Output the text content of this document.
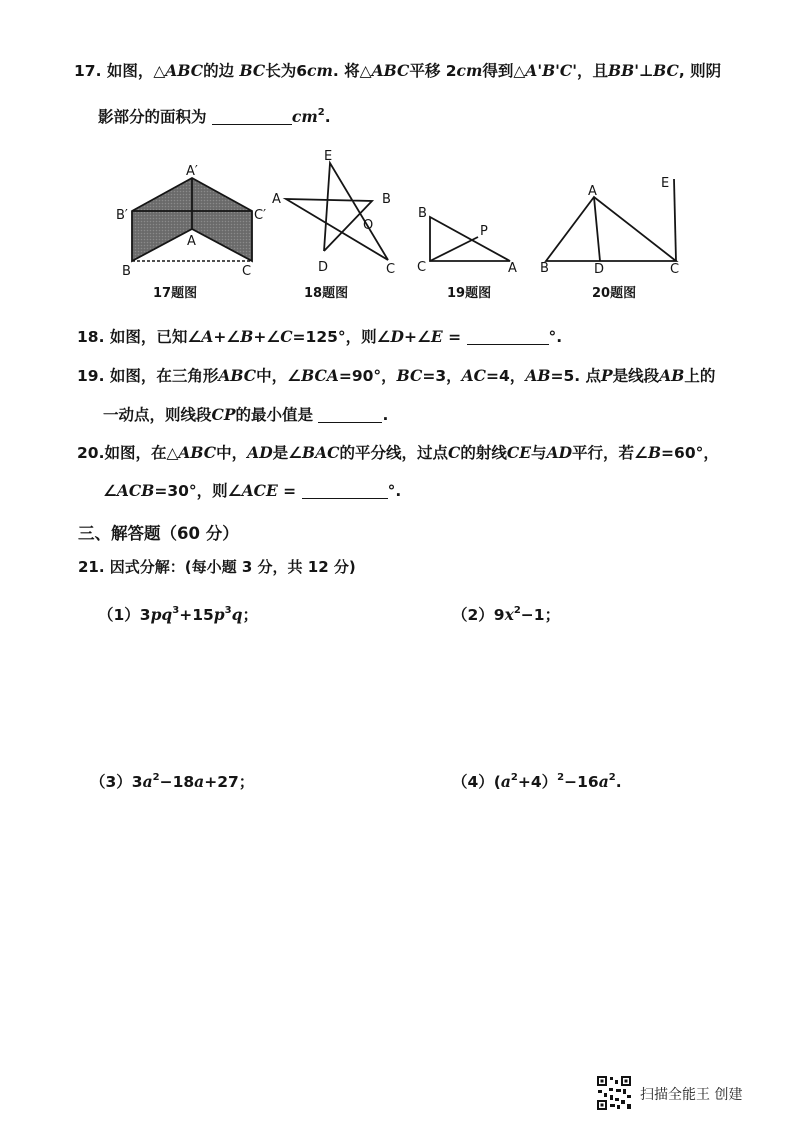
17. 如图，△ABC的边 BC长为6cm. 将△ABC平移 2cm得到△A'B'C'，且BB'⊥BC, 则阴
影部分的面积为	$cm^2$.
A′
B′	C′
A
B	C
E
A	B
O
D	C
B
P
C	A
A
E
B	D	C
17题图	18题图	19题图	20题图
18. 如图，已知∠A+∠B+∠C=125°，则∠D+∠E =	°.
19. 如图，在三角形ABC中，∠BCA=90°，BC=3，AC=4，AB=5. 点P是线段AB上的
一动点，则线段CP的最小值是	.
20.如图，在△ABC中，AD是∠BAC的平分线，过点C的射线CE与AD平行，若∠B=60°，
∠ACB=30°，则∠ACE =	°.
三、解答题（60 分）
21. 因式分解：(每小题 3 分，共 12 分)
$(1)3pq^3+15p^3q$；	$(2)9x^2-1$；
$(3)3a^2-18a+27$；	$(4)(a^2+4)^2-16a^2$.
扫描全能王 创建
